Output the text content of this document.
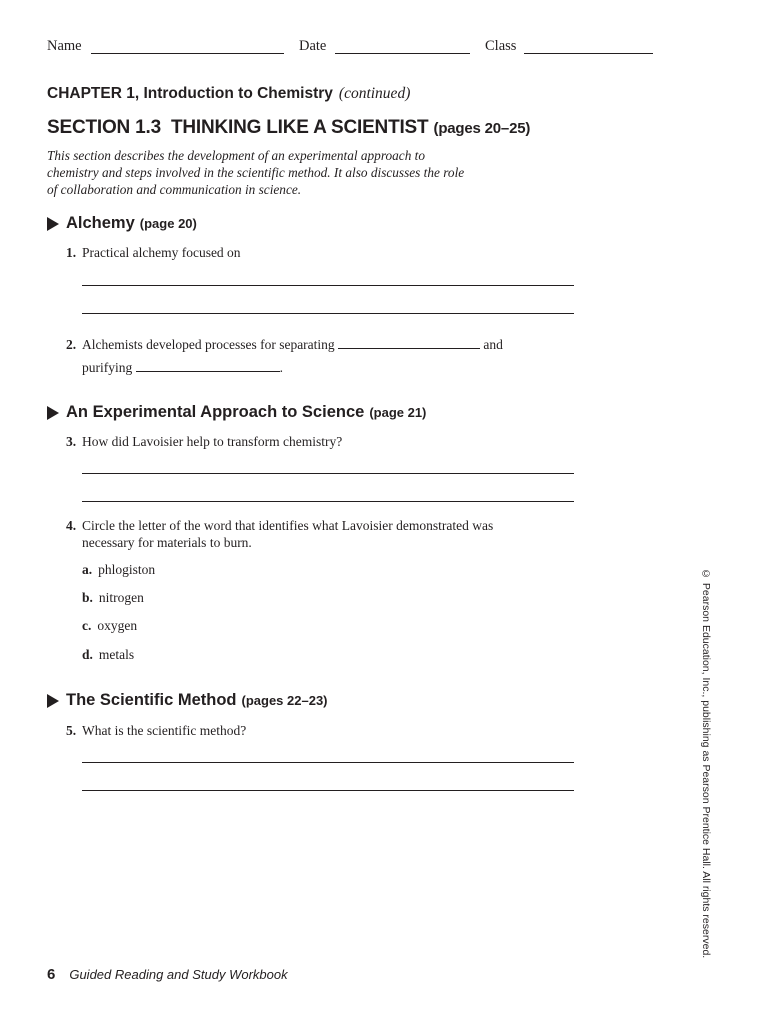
Name	Date	Class
CHAPTER 1, Introduction to Chemistry (continued)
SECTION 1.3 THINKING LIKE A SCIENTIST (pages 20–25)
This section describes the development of an experimental approach to chemistry and steps involved in the scientific method. It also discusses the role of collaboration and communication in science.
Alchemy (page 20)
1. Practical alchemy focused on
2. Alchemists developed processes for separating	and
purifying	.
An Experimental Approach to Science (page 21)
3. How did Lavoisier help to transform chemistry?
4. Circle the letter of the word that identifies what Lavoisier demonstrated was necessary for materials to burn.
a. phlogiston
b. nitrogen
c. oxygen
d. metals
The Scientific Method (pages 22–23)
5. What is the scientific method?	© Pearson Education, Inc., publishing as Pearson Prentice Hall. All rights reserved.
6 Guided Reading and Study Workbook
